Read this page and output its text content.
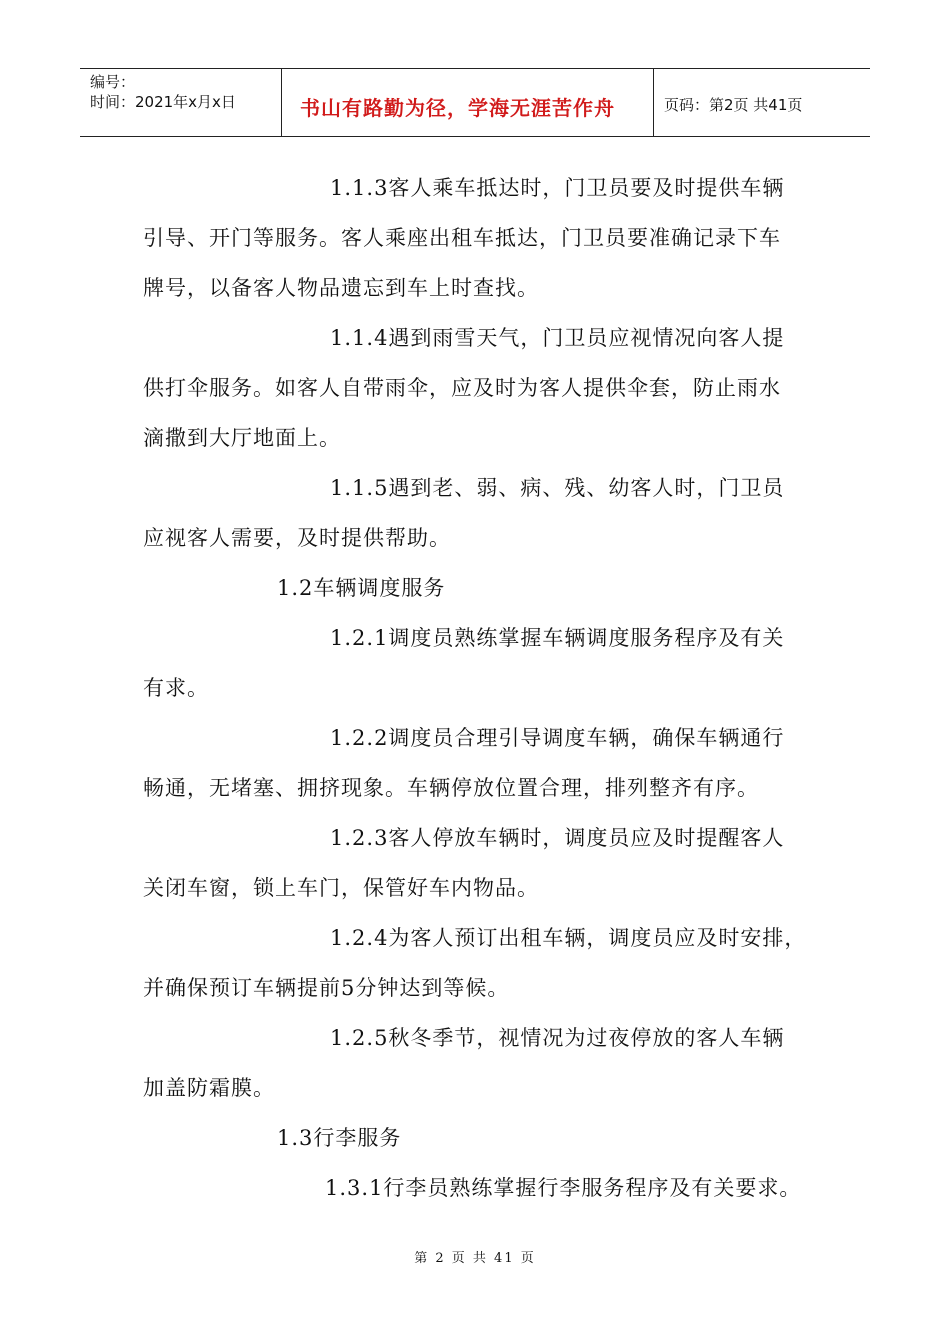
编号：
时间：2021年x月x日	书山有路勤为径，学海无涯苦作舟	页码：第2页 共41页
1.1.3客人乘车抵达时，门卫员要及时提供车辆
引导、开门等服务。客人乘座出租车抵达，门卫员要准确记录下车
牌号，以备客人物品遗忘到车上时查找。
1.1.4遇到雨雪天气，门卫员应视情况向客人提
供打伞服务。如客人自带雨伞，应及时为客人提供伞套，防止雨水
滴撒到大厅地面上。
1.1.5遇到老、弱、病、残、幼客人时，门卫员
应视客人需要，及时提供帮助。
1.2车辆调度服务
1.2.1调度员熟练掌握车辆调度服务程序及有关
有求。
1.2.2调度员合理引导调度车辆，确保车辆通行
畅通，无堵塞、拥挤现象。车辆停放位置合理，排列整齐有序。
1.2.3客人停放车辆时，调度员应及时提醒客人
关闭车窗，锁上车门，保管好车内物品。
1.2.4为客人预订出租车辆，调度员应及时安排，
并确保预订车辆提前5分钟达到等候。
1.2.5秋冬季节，视情况为过夜停放的客人车辆
加盖防霜膜。
1.3行李服务
1.3.1行李员熟练掌握行李服务程序及有关要求。
第 2 页 共 41 页
